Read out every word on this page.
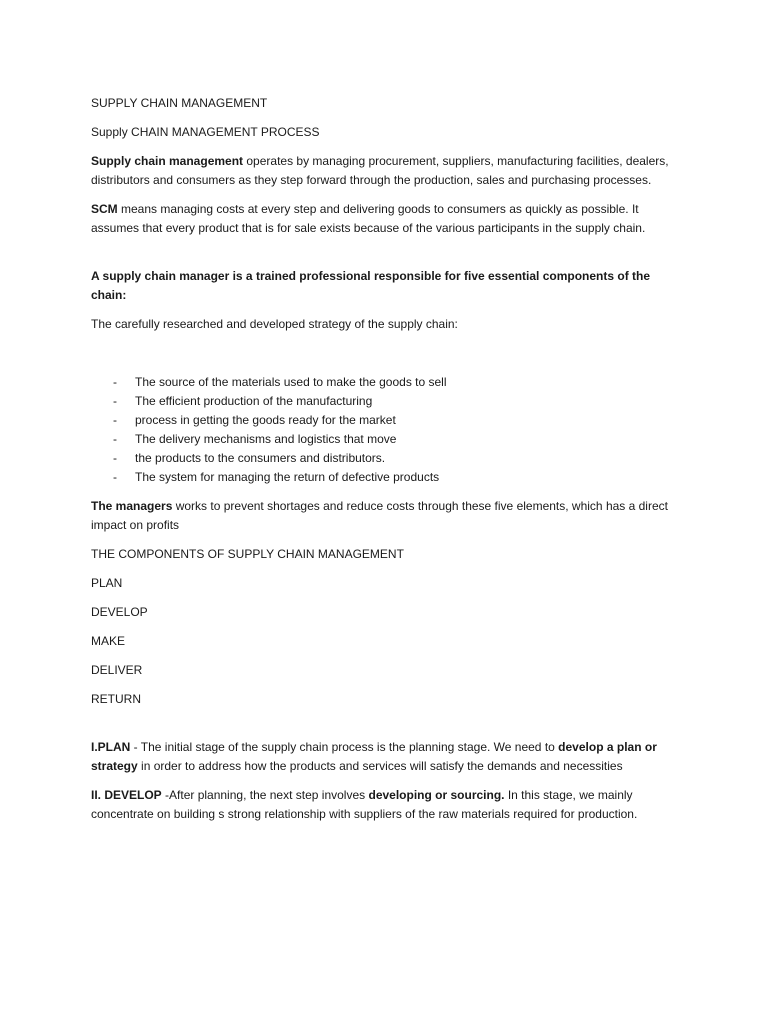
SUPPLY CHAIN MANAGEMENT

Supply CHAIN MANAGEMENT PROCESS

Supply chain management operates by managing procurement, suppliers, manufacturing facilities, dealers, distributors and consumers as they step forward through the production, sales and purchasing processes.

SCM means managing costs at every step and delivering goods to consumers as quickly as possible. It assumes that every product that is for sale exists because of the various participants in the supply chain.

A supply chain manager is a trained professional responsible for five essential components of the chain:

The carefully researched and developed strategy of the supply chain:

- The source of the materials used to make the goods to sell
- The efficient production of the manufacturing
- process in getting the goods ready for the market
- The delivery mechanisms and logistics that move
- the products to the consumers and distributors.
- The system for managing the return of defective products

The managers works to prevent shortages and reduce costs through these five elements, which has a direct impact on profits

THE COMPONENTS OF SUPPLY CHAIN MANAGEMENT

PLAN

DEVELOP

MAKE

DELIVER

RETURN

I.PLAN - The initial stage of the supply chain process is the planning stage. We need to develop a plan or strategy in order to address how the products and services will satisfy the demands and necessities

II. DEVELOP -After planning, the next step involves developing or sourcing. In this stage, we mainly concentrate on building s strong relationship with suppliers of the raw materials required for production.
